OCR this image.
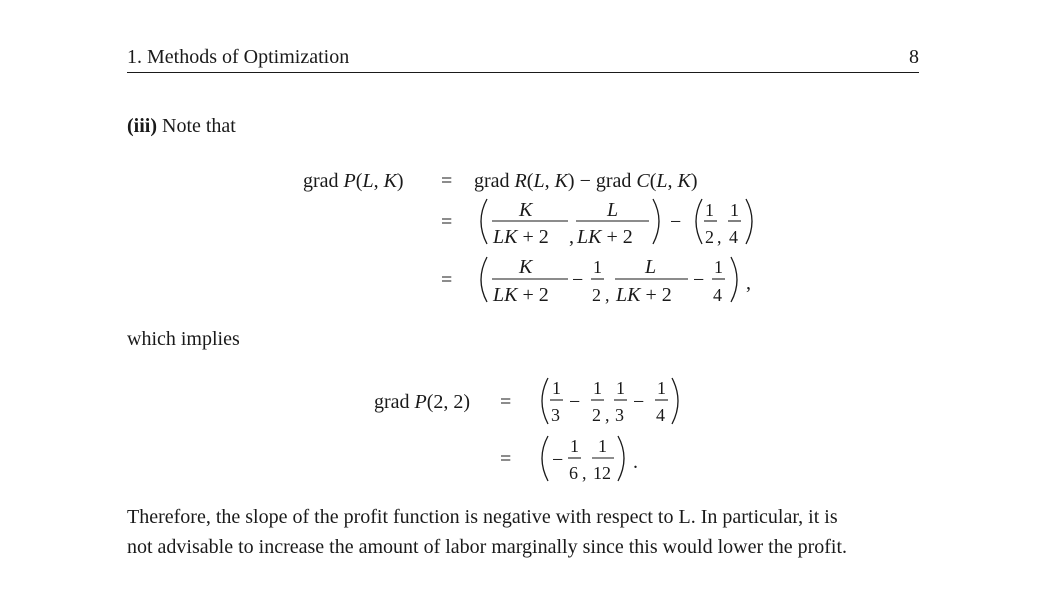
1. Methods of Optimization	8
(iii) Note that
which implies
Therefore, the slope of the profit function is negative with respect to L. In particular, it is
not advisable to increase the amount of labor marginally since this would lower the profit.
grad P(L, K) = grad R(L, K) − grad C(L, K)
=
K
LK + 2 ,
L
LK + 2
−
1
2 ,
1
4
=
K
LK + 2
−
1
2 ,
L
LK + 2
−
1
4
,
grad P(2, 2) =
1
3
−
1
2 ,
1
3
−
1
4
= −
1
6 ,
1
12 .
